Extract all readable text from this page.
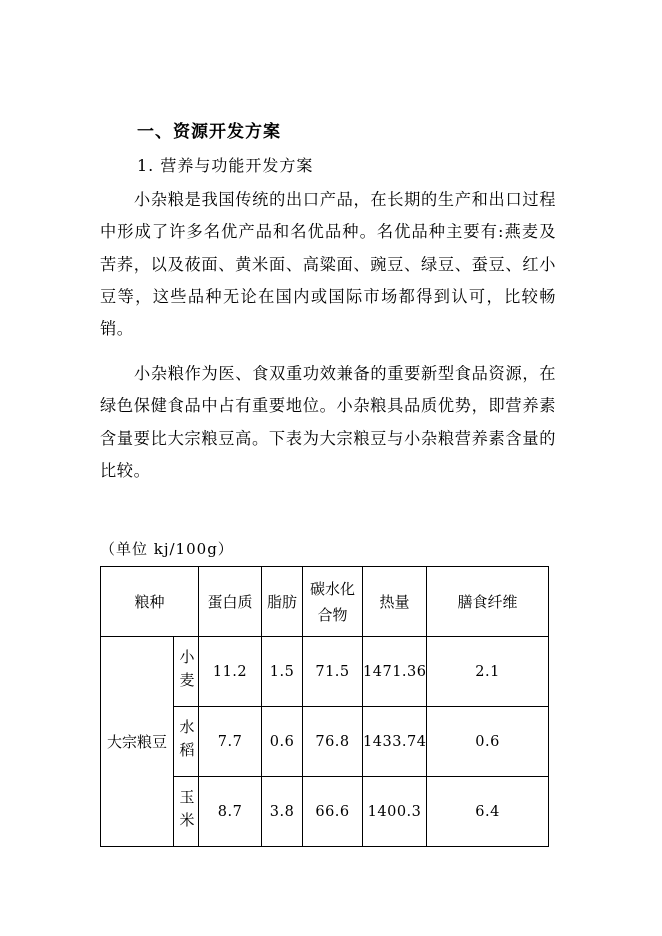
一、资源开发方案

1. 营养与功能开发方案

小杂粮是我国传统的出口产品，在长期的生产和出口过程中形成了许多名优产品和名优品种。名优品种主要有:燕麦及苦荞，以及莜面、黄米面、高粱面、豌豆、绿豆、蚕豆、红小豆等，这些品种无论在国内或国际市场都得到认可，比较畅销。

小杂粮作为医、食双重功效兼备的重要新型食品资源，在绿色保健食品中占有重要地位。小杂粮具品质优势，即营养素含量要比大宗粮豆高。下表为大宗粮豆与小杂粮营养素含量的比较。

（单位 kj/100g）

粮种		蛋白质	脂肪	碳水化合物	热量	膳食纤维
大宗粮豆	小麦	11.2	1.5	71.5	1471.36	2.1

	水稻	7.7	0.6	76.8	1433.74	0.6

	玉米	8.7	3.8	66.6	1400.3	6.4
